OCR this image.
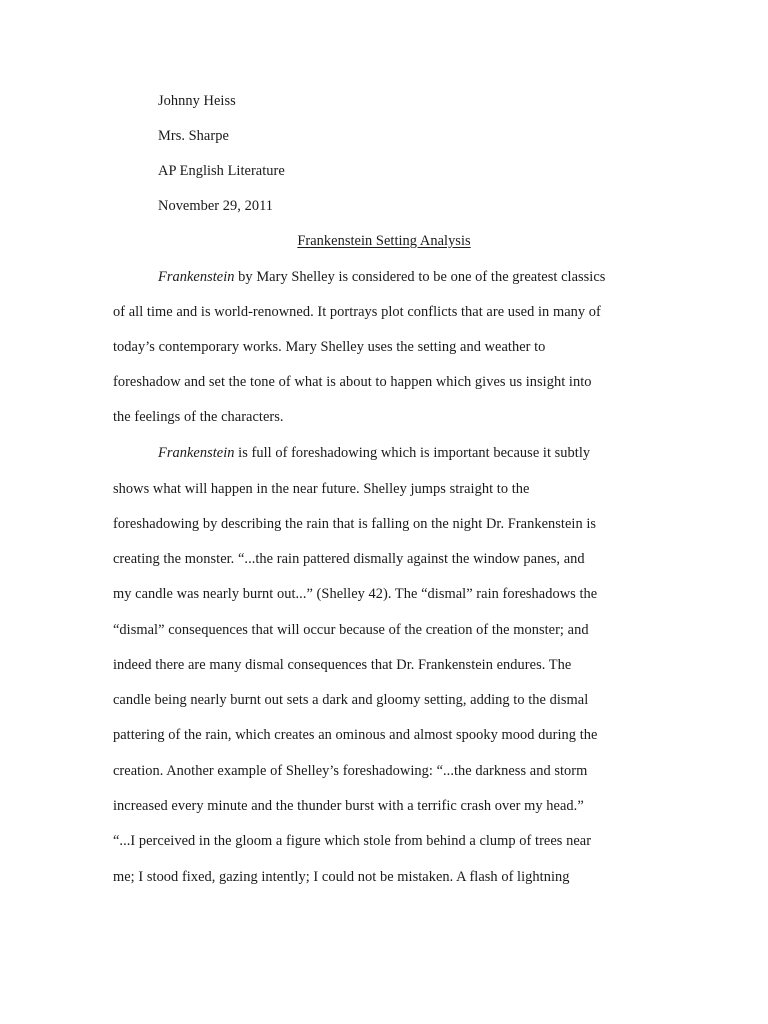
Johnny Heiss
Mrs. Sharpe
AP English Literature
November 29, 2011
Frankenstein Setting Analysis
Frankenstein by Mary Shelley is considered to be one of the greatest classics
of all time and is world-renowned. It portrays plot conflicts that are used in many of
today’s contemporary works. Mary Shelley uses the setting and weather to
foreshadow and set the tone of what is about to happen which gives us insight into
the feelings of the characters.
Frankenstein is full of foreshadowing which is important because it subtly
shows what will happen in the near future. Shelley jumps straight to the
foreshadowing by describing the rain that is falling on the night Dr. Frankenstein is
creating the monster. “...the rain pattered dismally against the window panes, and
my candle was nearly burnt out...” (Shelley 42). The “dismal” rain foreshadows the
“dismal” consequences that will occur because of the creation of the monster; and
indeed there are many dismal consequences that Dr. Frankenstein endures. The
candle being nearly burnt out sets a dark and gloomy setting, adding to the dismal
pattering of the rain, which creates an ominous and almost spooky mood during the
creation. Another example of Shelley’s foreshadowing: “...the darkness and storm
increased every minute and the thunder burst with a terrific crash over my head.”
“...I perceived in the gloom a figure which stole from behind a clump of trees near
me; I stood fixed, gazing intently; I could not be mistaken. A flash of lightning
